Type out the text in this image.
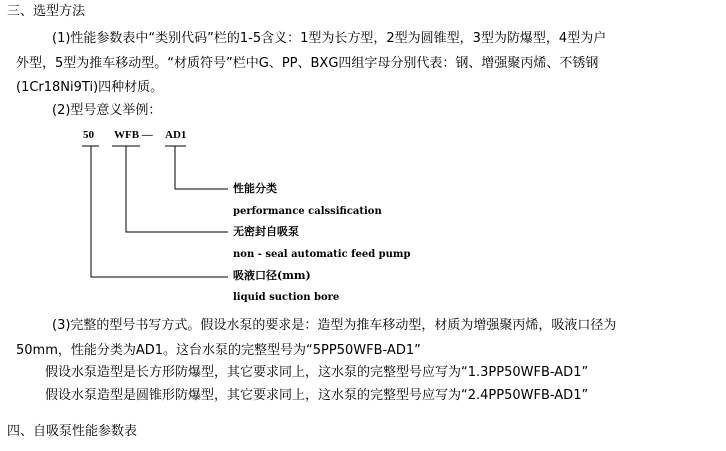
三、选型方法
(1)性能参数表中“类别代码”栏的1-5含义：1型为长方型，2型为圆锥型，3型为防爆型，4型为户
外型，5型为推车移动型。“材质符号”栏中G、PP、BXG四组字母分别代表：钢、增强聚丙烯、不锈钢
(1Cr18Ni9Ti)四种材质。
(2)型号意义举例：
50 WFB — AD1
性能分类
performance calssification
无密封自吸泵
non - seal automatic feed pump
吸液口径(mm)
liquid suction bore
(3)完整的型号书写方式。假设水泵的要求是：造型为推车移动型，材质为增强聚丙烯，吸液口径为
50mm，性能分类为AD1。这台水泵的完整型号为“5PP50WFB-AD1”
假设水泵造型是长方形防爆型，其它要求同上，这水泵的完整型号应写为“1.3PP50WFB-AD1”
假设水泵造型是圆锥形防爆型，其它要求同上，这水泵的完整型号应写为“2.4PP50WFB-AD1”
四、自吸泵性能参数表
